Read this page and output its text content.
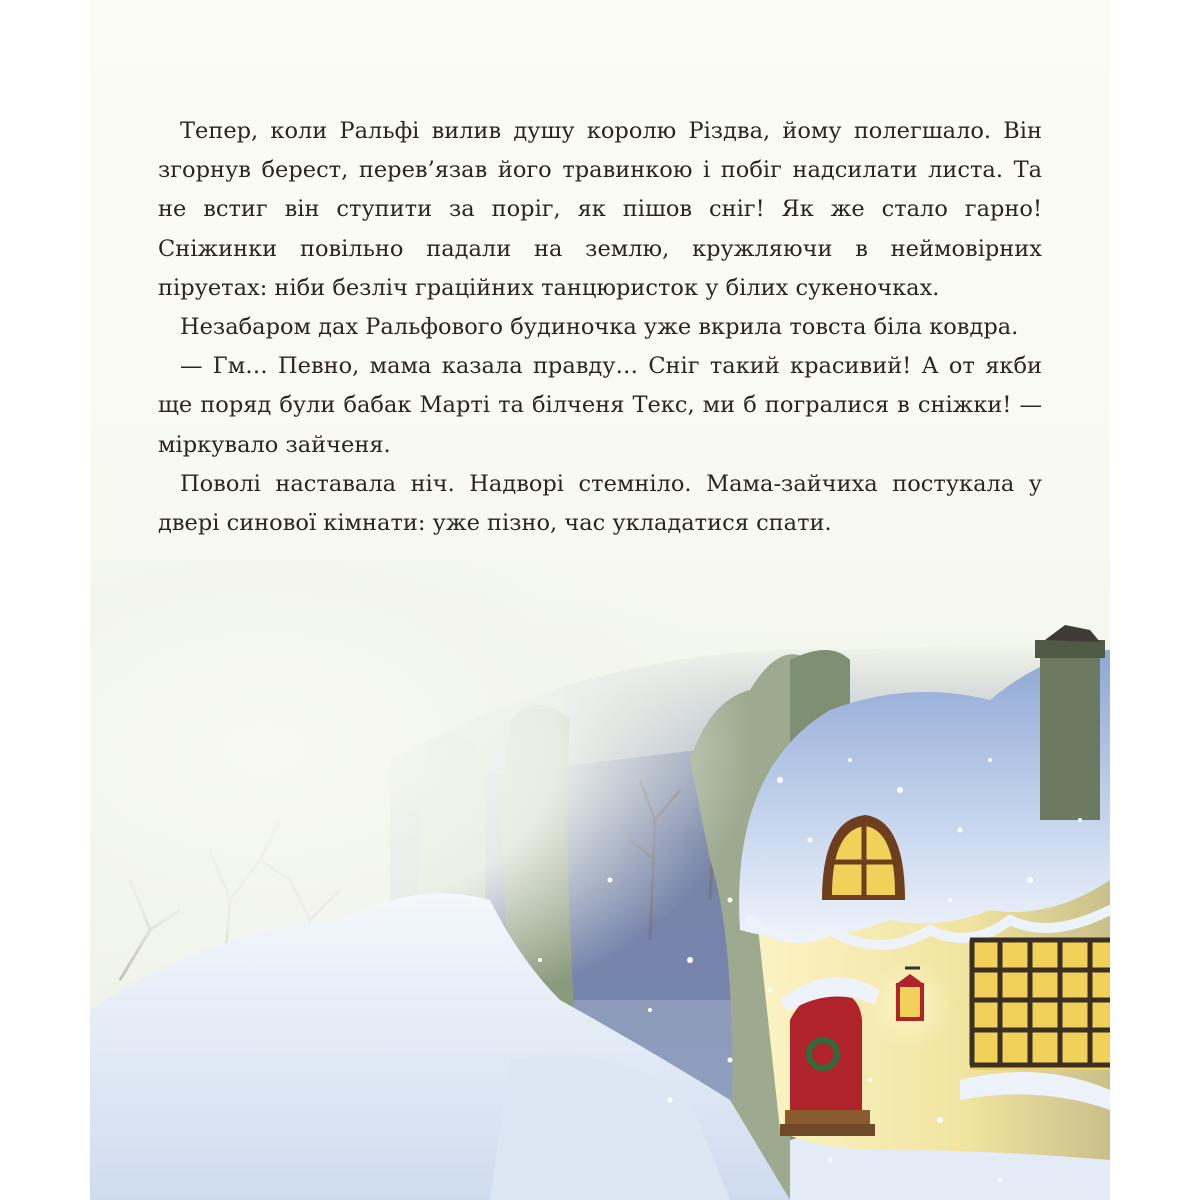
Тепер, коли Ральфі вилив душу королю Різдва, йому полегшало. Він згорнув берест, перев’язав його травинкою і побіг надсилати листа. Та не встиг він ступити за поріг, як пішов сніг! Як же стало гарно! Сніжинки повільно падали на землю, кружляючи в неймовірних піруетах: ніби безліч граційних танцюристок у білих сукеночках.

Незабаром дах Ральфового будиночка уже вкрила товста біла ковдра.

— Гм… Певно, мама казала правду… Сніг такий красивий! А от якби ще поряд були бабак Марті та білченя Текс, ми б погралися в сніжки! — міркувало зайченя.

Поволі наставала ніч. Надворі стемніло. Мама-зайчиха постукала у двері синової кімнати: уже пізно, час укладатися спати.
